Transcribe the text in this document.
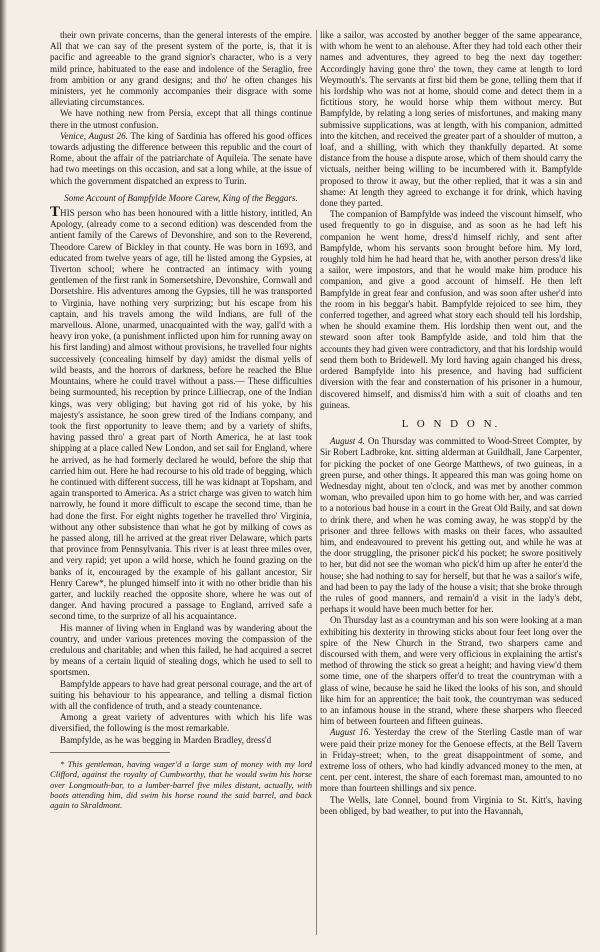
their own private concerns, than the general interests of the empire. All that we can say of the present system of the porte, is, that it is pacific and agreeable to the grand signior's character, who is a very mild prince, habituated to the ease and indolence of the Seraglio, free from ambition or any grand designs; and tho' he often changes his ministers, yet he commonly accompanies their disgrace with some alleviating circumstances.

We have nothing new from Persia, except that all things continue there in the utmost confusion.

Venice, August 26. The king of Sardinia has offered his good offices towards adjusting the difference between this republic and the court of Rome, about the affair of the patriarchate of Aquileia. The senate have had two meetings on this occasion, and sat a long while, at the issue of which the government dispatched an express to Turin.

Some Account of Bampfylde Moore Carew, King of the Beggars.

THIS person who has been honoured with a little history, intitled, An Apology, (already come to a second edition) was descended from the antient family of the Carews of Devonshire, and son to the Reverend, Theodore Carew of Bickley in that county. He was born in 1693, and educated from twelve years of age, till he listed among the Gypsies, at Tiverton school; where he contracted an intimacy with young gentlemen of the first rank in Somersetshire, Devonshire, Cornwall and Dorsetshire. His adventures among the Gypsies, till he was transported to Virginia, have nothing very surprizing; but his escape from his captain, and his travels among the wild Indians, are full of the marvellous. Alone, unarmed, unacquainted with the way, gall'd with a heavy iron yoke, (a punishment inflicted upon him for running away on his first landing) and almost without provisions, he travelled four nights successively (concealing himself by day) amidst the dismal yells of wild beasts, and the horrors of darkness, before he reached the Blue Mountains, where he could travel without a pass.— These difficulties being surmounted, his reception by prince Lilliecrap, one of the Indian kings, was very obliging; but having got rid of his yoke, by his majesty's assistance, he soon grew tired of the Indians company, and took the first opportunity to leave them; and by a variety of shifts, having passed thro' a great part of North America, he at last took shipping at a place called New London, and set sail for England, where he arrived, as he had formerly declared he would, before the ship that carried him out. Here he had recourse to his old trade of begging, which he continued with different success, till he was kidnapt at Topsham, and again transported to America. As a strict charge was given to watch him narrowly, he found it more difficult to escape the second time, than he had done the first. For eight nights together he travelled thro' Virginia, without any other subsistence than what he got by milking of cows as he passed along, till he arrived at the great river Delaware, which parts that province from Pennsylvania. This river is at least three miles over, and very rapid; yet upon a wild horse, which he found grazing on the banks of it, encouraged by the example of his gallant ancestor, Sir Henry Carew*, he plunged himself into it with no other bridle than his garter, and luckily reached the opposite shore, where he was out of danger. And having procured a passage to England, arrived safe a second time, to the surprize of all his acquaintance.

His manner of living when in England was by wandering about the country, and under various pretences moving the compassion of the credulous and charitable; and when this failed, he had acquired a secret by means of a certain liquid of stealing dogs, which he used to sell to sportsmen.

Bampfylde appears to have had great personal courage, and the art of suiting his behaviour to his appearance, and telling a dismal fiction with all the confidence of truth, and a steady countenance.

Among a great variety of adventures with which his life was diversified, the following is the most remarkable.

Bampfylde, as he was begging in Marden Bradley, dress'd

* This gentleman, having wager'd a large sum of money with my lord Clifford, against the royalty of Cumbworthy, that he would swim his horse over Longmouth-bar, to a lumber-barrel five miles distant, actually, with boots attending him, did swim his horse round the said barrel, and back again to Skraldmont.

like a sailor, was accosted by another begger of the same appearance, with whom he went to an alehouse. After they had told each other their names and adventures, they agreed to beg the next day together: Accordingly having gone thro' the town, they came at length to lord Weymouth's. The servants at first bid them be gone, telling them that if his lordship who was not at home, should come and detect them in a fictitious story, he would horse whip them without mercy. But Bampfylde, by relating a long series of misfortunes, and making many submissive supplications, was at length, with his companion, admitted into the kitchen, and received the greater part of a shoulder of mutton, a loaf, and a shilling, with which they thankfully departed. At some distance from the house a dispute arose, which of them should carry the victuals, neither being willing to be incumbered with it. Bampfylde proposed to throw it away, but the other replied, that it was a sin and shame: At length they agreed to exchange it for drink, which having done they parted.

The companion of Bampfylde was indeed the viscount himself, who used frequently to go in disguise, and as soon as he had left his companion he went home, dress'd himself richly, and sent after Bampfylde, whom his servants soon brought before him. My lord, roughly told him he had heard that he, with another person dress'd like a sailor, were impostors, and that he would make him produce his companion, and give a good account of himself. He then left Bampfylde in great fear and confusion, and was soon after usher'd into the room in his beggar's habit. Bampfylde rejoiced to see him, they conferred together, and agreed what story each should tell his lordship, when he should examine them. His lordship then went out, and the steward soon after took Bampfylde aside, and told him that the accounts they had given were contradictory, and that his lordship would send them both to Bridewell. My lord having again changed his dress, ordered Bampfylde into his presence, and having had sufficient diversion with the fear and consternation of his prisoner in a humour, discovered himself, and dismiss'd him with a suit of cloaths and ten guineas.

L O N D O N.

August 4. On Thursday was committed to Wood-Street Compter, by Sir Robert Ladbroke, knt. sitting alderman at Guildhall, Jane Carpenter, for picking the pocket of one George Matthews, of two guineas, in a green purse, and other things. It appeared this man was going home on Wednesday night, about ten o'clock, and was met by another common woman, who prevailed upon him to go home with her, and was carried to a notorious bad house in a court in the Great Old Baily, and sat down to drink there, and when he was coming away, he was stopp'd by the prisoner and three fellows with masks on their faces, who assaulted him, and endeavoured to prevent his getting out, and while he was at the door struggling, the prisoner pick'd his pocket; he swore positively to her, but did not see the woman who pick'd him up after he enter'd the house; she had nothing to say for herself, but that he was a sailor's wife, and had been to pay the lady of the house a visit; that she broke through the rules of good manners, and remain'd a visit in the lady's debt, perhaps it would have been much better for her.

On Thursday last as a countryman and his son were looking at a man exhibiting his dexterity in throwing sticks about four feet long over the spire of the New Church in the Strand, two sharpers came and discoursed with them, and were very officious in explaining the artist's method of throwing the stick so great a height; and having view'd them some time, one of the sharpers offer'd to treat the countryman with a glass of wine, because he said he liked the looks of his son, and should like him for an apprentice; the bait took, the countryman was seduced to an infamous house in the strand, where these sharpers who fleeced him of between fourteen and fifteen guineas.

August 16. Yesterday the crew of the Sterling Castle man of war were paid their prize money for the Genoese effects, at the Bell Tavern in Friday-street; when, to the great disappointment of some, and extreme loss of others, who had kindly advanced money to the men, at cent. per cent. interest, the share of each foremast man, amounted to no more than fourteen shillings and six pence.

The Wells, late Connel, bound from Virginia to St. Kitt's, having been obliged, by bad weather, to put into the Havannah,
